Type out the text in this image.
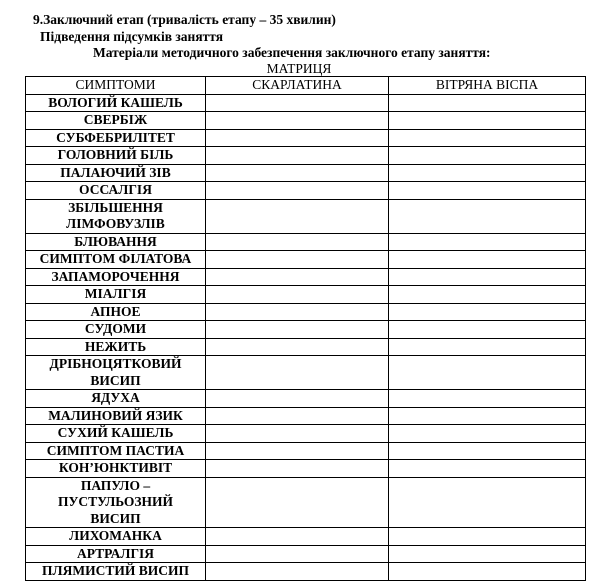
9.Заключний етап (тривалість етапу – 35 хвилин)
Підведення підсумків заняття
Матеріали методичного забезпечення заключного етапу заняття:
МАТРИЦЯ
СИМПТОМИ	СКАРЛАТИНА	ВІТРЯНА ВІСПА

ВОЛОГИЙ КАШЕЛЬ		

СВЕРБІЖ		

СУБФЕБРИЛІТЕТ		

ГОЛОВНИЙ БІЛЬ		

ПАЛАЮЧИЙ ЗІВ		

ОССАЛГІЯ		

ЗБІЛЬШЕННЯ
ЛІМФОВУЗЛІВ		

БЛЮВАННЯ		

СИМПТОМ ФІЛАТОВА		

ЗАПАМОРОЧЕННЯ		

МІАЛГІЯ		

АПНОЕ		

СУДОМИ		

НЕЖИТЬ		

ДРІБНОЦЯТКОВИЙ
ВИСИП		

ЯДУХА		

МАЛИНОВИЙ ЯЗИК		

СУХИЙ КАШЕЛЬ		

СИМПТОМ ПАСТИА		

КОН’ЮНКТИВІТ		

ПАПУЛО –
ПУСТУЛЬОЗНИЙ
ВИСИП		

ЛИХОМАНКА		

АРТРАЛГІЯ		

ПЛЯМИСТИЙ ВИСИП		
